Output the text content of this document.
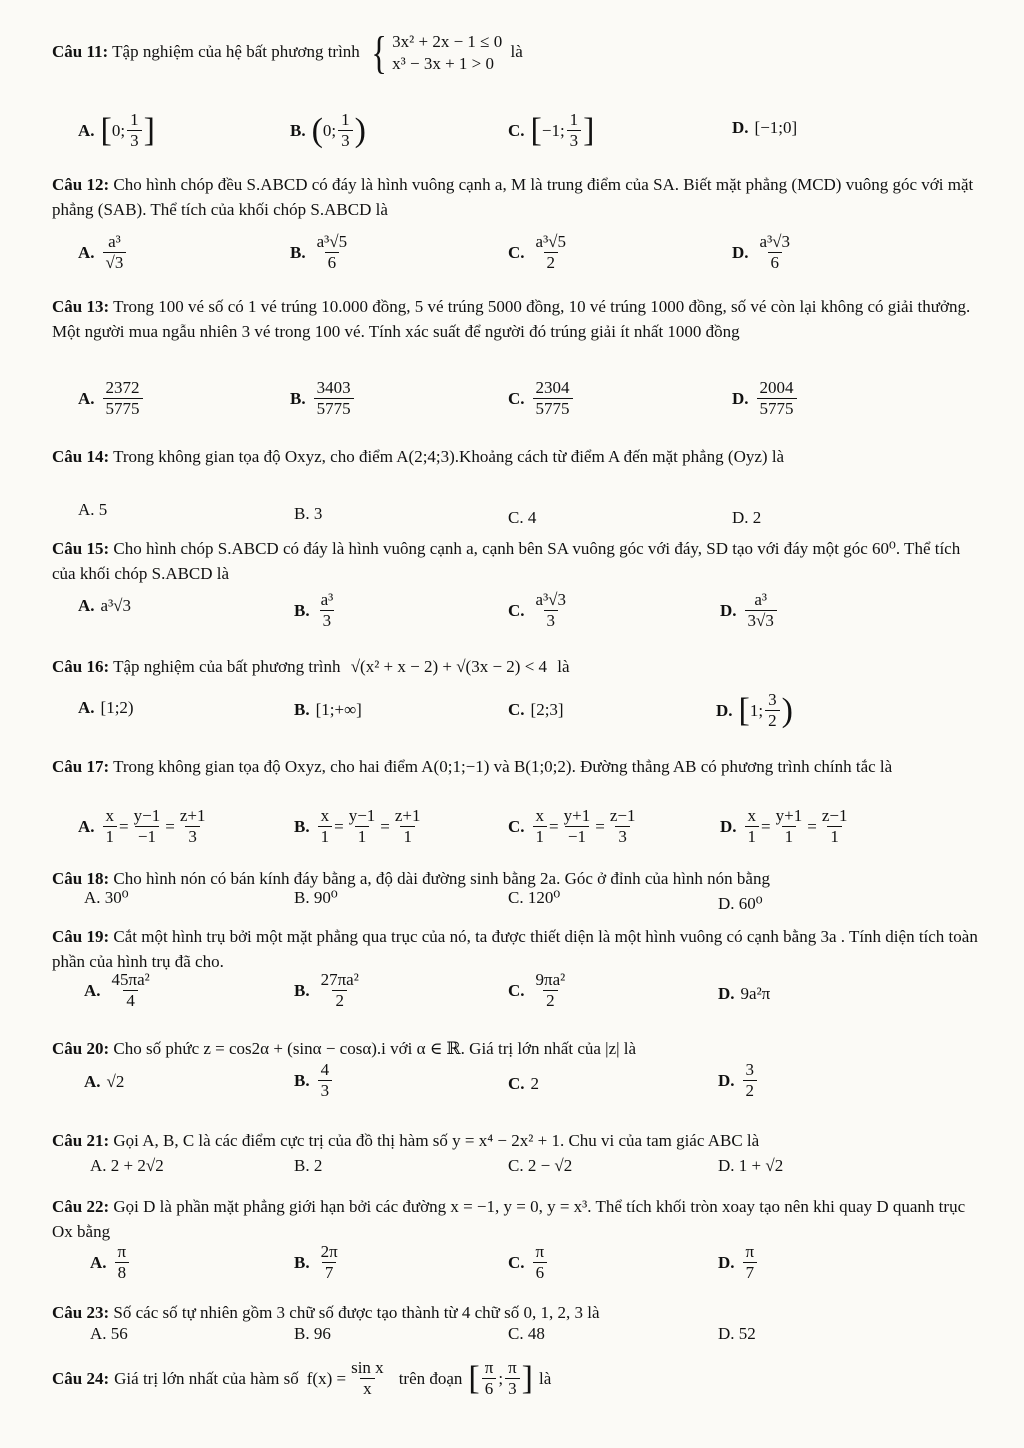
Câu 11: Tập nghiệm của hệ bất phương trình { 3x² + 2x − 1 ≤ 0
x³ − 3x + 1 > 0
là
A. [ 0; $\frac{1}{3}$ ]	B. ( 0; $\frac{1}{3}$ )	C. [ −1; $\frac{1}{3}$ ]	D. [−1;0]
Câu 12: Cho hình chóp đều S.ABCD có đáy là hình vuông cạnh a, M là trung điểm của SA. Biết mặt phẳng (MCD) vuông góc với mặt phẳng (SAB). Thể tích của khối chóp S.ABCD là
A. $\frac{\text{a³}}{√3}$	B. $\frac{\text{a³√5}}{6}$	C. $\frac{\text{a³√5}}{2}$	D. $\frac{\text{a³√3}}{6}$
Câu 13: Trong 100 vé số có 1 vé trúng 10.000 đồng, 5 vé trúng 5000 đồng, 10 vé trúng 1000 đồng, số vé còn lại không có giải thưởng. Một người mua ngẫu nhiên 3 vé trong 100 vé. Tính xác suất để người đó trúng giải ít nhất 1000 đồng
A. $\frac{2372}{5775}$	B. $\frac{3403}{5775}$	C. $\frac{2304}{5775}$	D. $\frac{2004}{5775}$
Câu 14: Trong không gian tọa độ Oxyz, cho điểm A(2;4;3).Khoảng cách từ điểm A đến mặt phẳng (Oyz) là
A. 5	B. 3	C. 4	D. 2
Câu 15: Cho hình chóp S.ABCD có đáy là hình vuông cạnh a, cạnh bên SA vuông góc với đáy, SD tạo với đáy một góc 60⁰. Thể tích của khối chóp S.ABCD là
A. a³√3	B. $\frac{\text{a³}}{3}$	C. $\frac{\text{a³√3}}{3}$	D. $\frac{\text{a³}}{3√3}$
Câu 16: Tập nghiệm của bất phương trình √(x² + x − 2) + √(3x − 2) < 4 là
A. [1;2)	B. [1;+∞]	C. [2;3]	D. [ 1; $\frac{3}{2}$ )
Câu 17: Trong không gian tọa độ Oxyz, cho hai điểm A(0;1;−1) và B(1;0;2). Đường thẳng AB có phương trình chính tắc là
A. $\frac{x}{1} = \frac{y-1}{-1} = \frac{z+1}{3}$	B. $\frac{x}{1} = \frac{y-1}{1} = \frac{z+1}{1}$	C. $\frac{x}{1} = \frac{y+1}{-1} = \frac{z-1}{3}$	D. $\frac{x}{1} = \frac{y+1}{1} = \frac{z-1}{1}$
Câu 18: Cho hình nón có bán kính đáy bằng a, độ dài đường sinh bằng 2a. Góc ở đỉnh của hình nón bằng
A. 30⁰	B. 90⁰	C. 120⁰	D. 60⁰
Câu 19: Cắt một hình trụ bởi một mặt phẳng qua trục của nó, ta được thiết diện là một hình vuông có cạnh bằng 3a . Tính diện tích toàn phần của hình trụ đã cho.
A. $\frac{\text{45πa²}}{4}$	B. $\frac{\text{27πa²}}{2}$	C. $\frac{\text{9πa²}}{2}$	D. 9a²π
Câu 20: Cho số phức z = cos2α + (sinα − cosα).i với α ∈ ℝ. Giá trị lớn nhất của |z| là
A. √2	B. $\frac{4}{3}$	C. 2	D. $\frac{3}{2}$
Câu 21: Gọi A, B, C là các điểm cực trị của đồ thị hàm số y = x⁴ − 2x² + 1. Chu vi của tam giác ABC là
A. 2 + 2√2	B. 2	C. 2 − √2	D. 1 + √2
Câu 22: Gọi D là phần mặt phẳng giới hạn bởi các đường x = −1, y = 0, y = x³. Thể tích khối tròn xoay tạo nên khi quay D quanh trục Ox bằng
A. $\frac{\pi}{8}$	B. $\frac{2\pi}{7}$	C. $\frac{\pi}{6}$	D. $\frac{\pi}{7}$
Câu 23: Số các số tự nhiên gồm 3 chữ số được tạo thành từ 4 chữ số 0, 1, 2, 3 là
A. 56	B. 96	C. 48	D. 52
Câu 24: Giá trị lớn nhất của hàm số $f(x) = \frac{\text{sin x}}{x}$ trên đoạn [ $\frac{\pi}{6}$ ; $\frac{\pi}{3}$ ] là
